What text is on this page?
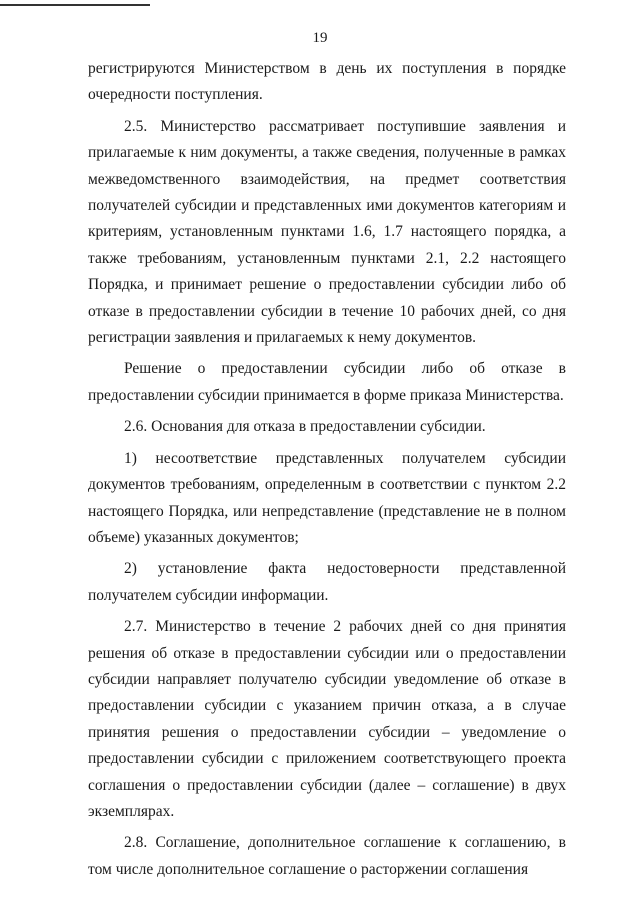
19

регистрируются Министерством в день их поступления в порядке очередности поступления.

2.5. Министерство рассматривает поступившие заявления и прилагаемые к ним документы, а также сведения, полученные в рамках межведомственного взаимодействия, на предмет соответствия получателей субсидии и представленных ими документов категориям и критериям, установленным пунктами 1.6, 1.7 настоящего порядка, а также требованиям, установленным пунктами 2.1, 2.2 настоящего Порядка, и принимает решение о предоставлении субсидии либо об отказе в предоставлении субсидии в течение 10 рабочих дней, со дня регистрации заявления и прилагаемых к нему документов.

Решение о предоставлении субсидии либо об отказе в предоставлении субсидии принимается в форме приказа Министерства.

2.6. Основания для отказа в предоставлении субсидии.

1) несоответствие представленных получателем субсидии документов требованиям, определенным в соответствии с пунктом 2.2 настоящего Порядка, или непредставление (представление не в полном объеме) указанных документов;

2) установление факта недостоверности представленной получателем субсидии информации.

2.7. Министерство в течение 2 рабочих дней со дня принятия решения об отказе в предоставлении субсидии или о предоставлении субсидии направляет получателю субсидии уведомление об отказе в предоставлении субсидии с указанием причин отказа, а в случае принятия решения о предоставлении субсидии – уведомление о предоставлении субсидии с приложением соответствующего проекта соглашения о предоставлении субсидии (далее – соглашение) в двух экземплярах.

2.8. Соглашение, дополнительное соглашение к соглашению, в том числе дополнительное соглашение о расторжении соглашения
